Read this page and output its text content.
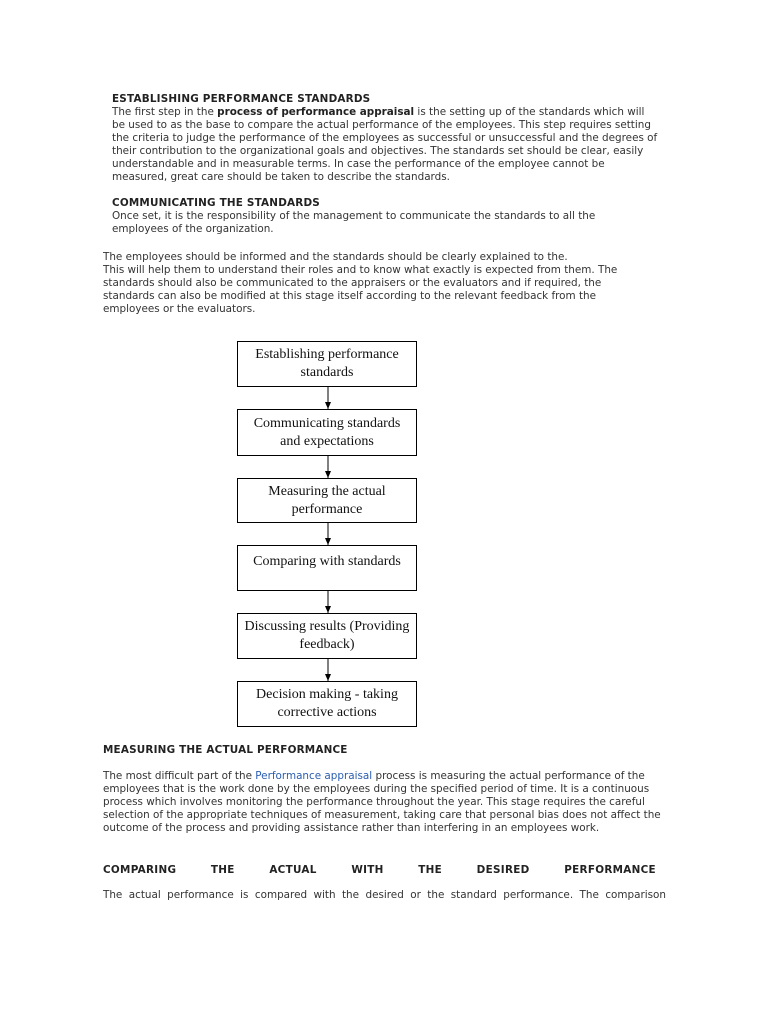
ESTABLISHING PERFORMANCE STANDARDS

The first step in the process of performance appraisal is the setting up of the standards which will be used to as the base to compare the actual performance of the employees. This step requires setting the criteria to judge the performance of the employees as successful or unsuccessful and the degrees of their contribution to the organizational goals and objectives. The standards set should be clear, easily understandable and in measurable terms. In case the performance of the employee cannot be measured, great care should be taken to describe the standards.

COMMUNICATING THE STANDARDS

Once set, it is the responsibility of the management to communicate the standards to all the employees of the organization.

The employees should be informed and the standards should be clearly explained to the.

This will help them to understand their roles and to know what exactly is expected from them. The standards should also be communicated to the appraisers or the evaluators and if required, the standards can also be modified at this stage itself according to the relevant feedback from the employees or the evaluators.

Establishing performance standards
Communicating standards and expectations
Measuring the actual performance
Comparing with standards
Discussing results (Providing feedback)
Decision making - taking corrective actions
MEASURING THE ACTUAL PERFORMANCE

The most difficult part of the Performance appraisal process is measuring the actual performance of the employees that is the work done by the employees during the specified period of time. It is a continuous process which involves monitoring the performance throughout the year. This stage requires the careful selection of the appropriate techniques of measurement, taking care that personal bias does not affect the outcome of the process and providing assistance rather than interfering in an employees work.

COMPARING	THE	ACTUAL	WITH	THE	DESIRED	PERFORMANCE
The actual performance is compared with the desired or the standard performance. The comparison
